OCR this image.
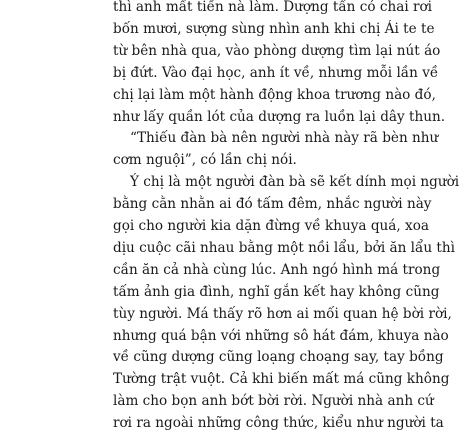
thì anh mất tiền nà làm. Dượng tấn có chai rơi
bốn mươi, sượng sùng nhìn anh khi chị Ái te te
từ bên nhà qua, vào phòng dượng tìm lại nút áo
bị đứt. Vào đại học, anh ít về, nhưng mỗi lần về
chị lại làm một hành động khoa trương nào đó,
như lấy quần lót của dượng ra luồn lại dây thun.
“Thiếu đàn bà nên người nhà này rã bèn như
cơm nguội”, có lần chị nói.
Ý chị là một người đàn bà sẽ kết dính mọi người
bằng cằn nhằn ai đó tấm đêm, nhắc người này
gọi cho người kia dặn đừng về khuya quá, xoa
dịu cuộc cãi nhau bằng một nồi lẩu, bởi ăn lẩu thì
cần ăn cả nhà cùng lúc. Anh ngó hình má trong
tấm ảnh gia đình, nghĩ gắn kết hay không cũng
tùy người. Má thấy rõ hơn ai mối quan hệ bời rời,
nhưng quá bận với những sô hát đám, khuya nào
về cũng dượng cũng loạng choạng say, tay bồng
Tường trật vuột. Cả khi biến mất má cũng không
làm cho bọn anh bớt bời rời. Người nhà anh cứ
rơi ra ngoài những công thức, kiểu như người ta
